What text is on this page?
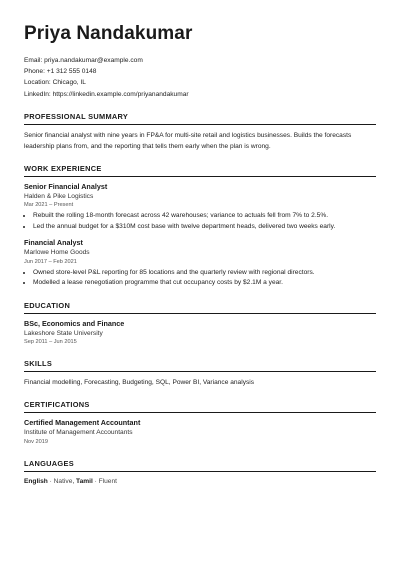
Priya Nandakumar
Email: priya.nandakumar@example.com
Phone: +1 312 555 0148
Location: Chicago, IL
LinkedIn: https://linkedin.example.com/priyanandakumar
PROFESSIONAL SUMMARY
Senior financial analyst with nine years in FP&A for multi-site retail and logistics businesses. Builds the forecasts leadership plans from, and the reporting that tells them early when the plan is wrong.
WORK EXPERIENCE
Senior Financial Analyst
Halden & Pike Logistics
Mar 2021 – Present
• Rebuilt the rolling 18-month forecast across 42 warehouses; variance to actuals fell from 7% to 2.5%.
• Led the annual budget for a $310M cost base with twelve department heads, delivered two weeks early.
Financial Analyst
Marlowe Home Goods
Jun 2017 – Feb 2021
• Owned store-level P&L reporting for 85 locations and the quarterly review with regional directors.
• Modelled a lease renegotiation programme that cut occupancy costs by $2.1M a year.
EDUCATION
BSc, Economics and Finance
Lakeshore State University
Sep 2011 – Jun 2015
SKILLS
Financial modelling, Forecasting, Budgeting, SQL, Power BI, Variance analysis
CERTIFICATIONS
Certified Management Accountant
Institute of Management Accountants
Nov 2019
LANGUAGES
English · Native, Tamil · Fluent
